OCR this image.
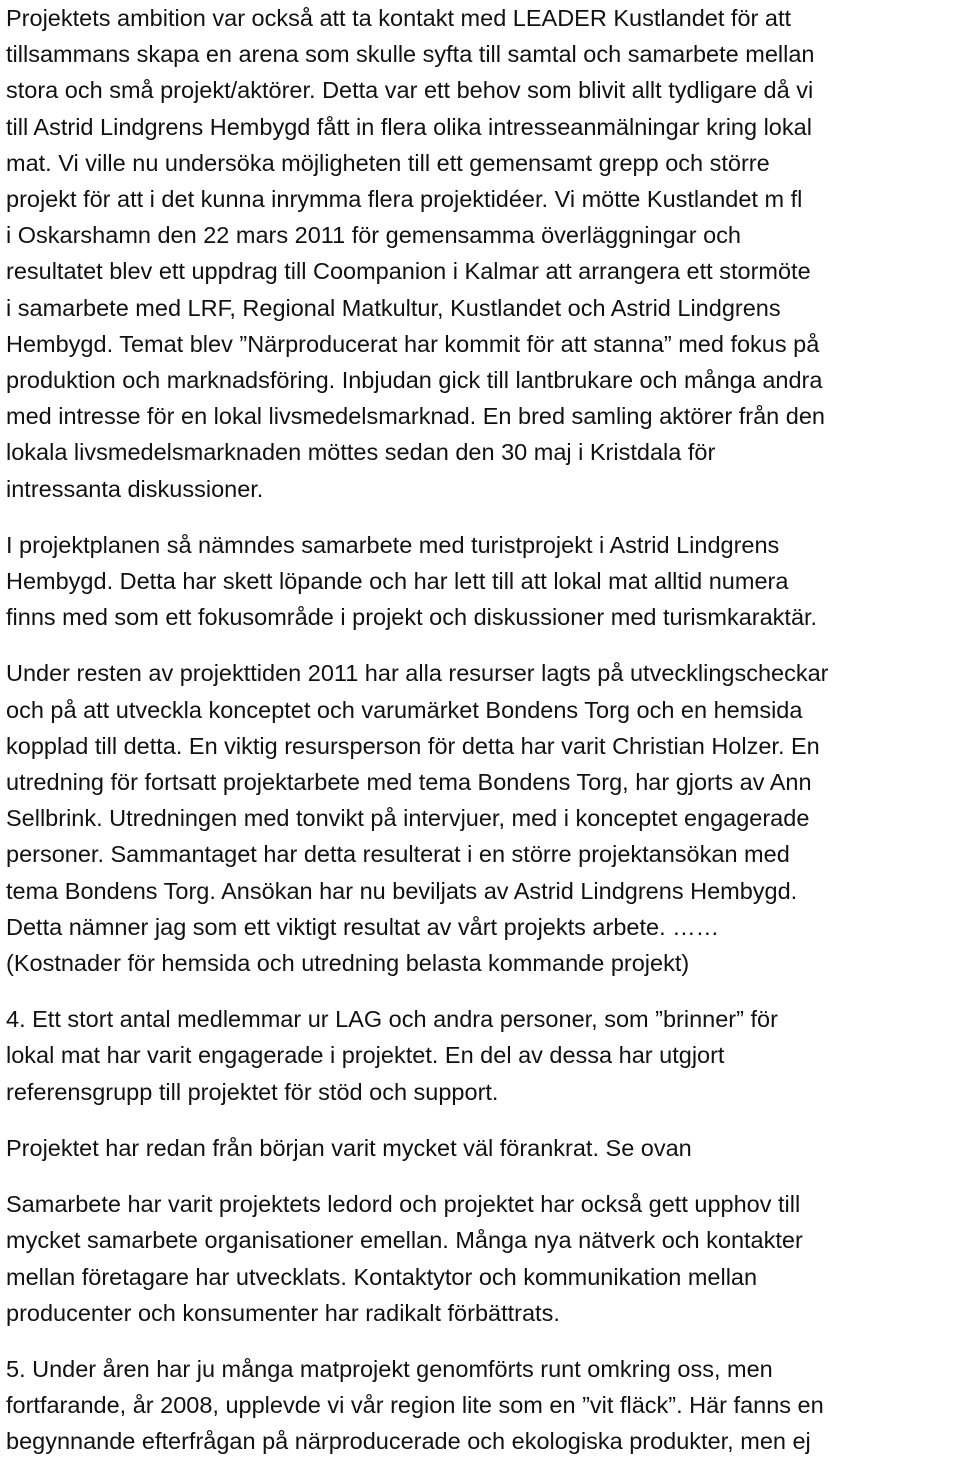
Projektets ambition var också att ta kontakt med LEADER Kustlandet för att
tillsammans skapa en arena som skulle syfta till samtal och samarbete mellan
stora och små projekt/aktörer. Detta var ett behov som blivit allt tydligare då vi
till Astrid Lindgrens Hembygd fått in flera olika intresseanmälningar kring lokal
mat. Vi ville nu undersöka möjligheten till ett gemensamt grepp och större
projekt för att i det kunna inrymma flera projektidéer. Vi mötte Kustlandet m fl
i Oskarshamn den 22 mars 2011 för gemensamma överläggningar och
resultatet blev ett uppdrag till Coompanion i Kalmar att arrangera ett stormöte
i samarbete med LRF, Regional Matkultur, Kustlandet och Astrid Lindgrens
Hembygd. Temat blev ”Närproducerat har kommit för att stanna” med fokus på
produktion och marknadsföring. Inbjudan gick till lantbrukare och många andra
med intresse för en lokal livsmedelsmarknad. En bred samling aktörer från den
lokala livsmedelsmarknaden möttes sedan den 30 maj i Kristdala för
intressanta diskussioner.

I projektplanen så nämndes samarbete med turistprojekt i Astrid Lindgrens
Hembygd. Detta har skett löpande och har lett till att lokal mat alltid numera
finns med som ett fokusområde i projekt och diskussioner med turismkaraktär.

Under resten av projekttiden 2011 har alla resurser lagts på utvecklingscheckar
och på att utveckla konceptet och varumärket Bondens Torg och en hemsida
kopplad till detta. En viktig resursperson för detta har varit Christian Holzer. En
utredning för fortsatt projektarbete med tema Bondens Torg, har gjorts av Ann
Sellbrink. Utredningen med tonvikt på intervjuer, med i konceptet engagerade
personer. Sammantaget har detta resulterat i en större projektansökan med
tema Bondens Torg. Ansökan har nu beviljats av Astrid Lindgrens Hembygd.
Detta nämner jag som ett viktigt resultat av vårt projekts arbete. ……
(Kostnader för hemsida och utredning belasta kommande projekt)

4. Ett stort antal medlemmar ur LAG och andra personer, som ”brinner” för
lokal mat har varit engagerade i projektet. En del av dessa har utgjort
referensgrupp till projektet för stöd och support.

Projektet har redan från början varit mycket väl förankrat. Se ovan

Samarbete har varit projektets ledord och projektet har också gett upphov till
mycket samarbete organisationer emellan. Många nya nätverk och kontakter
mellan företagare har utvecklats. Kontaktytor och kommunikation mellan
producenter och konsumenter har radikalt förbättrats.

5. Under åren har ju många matprojekt genomförts runt omkring oss, men
fortfarande, år 2008, upplevde vi vår region lite som en ”vit fläck”. Här fanns en
begynnande efterfrågan på närproducerade och ekologiska produkter, men ej
